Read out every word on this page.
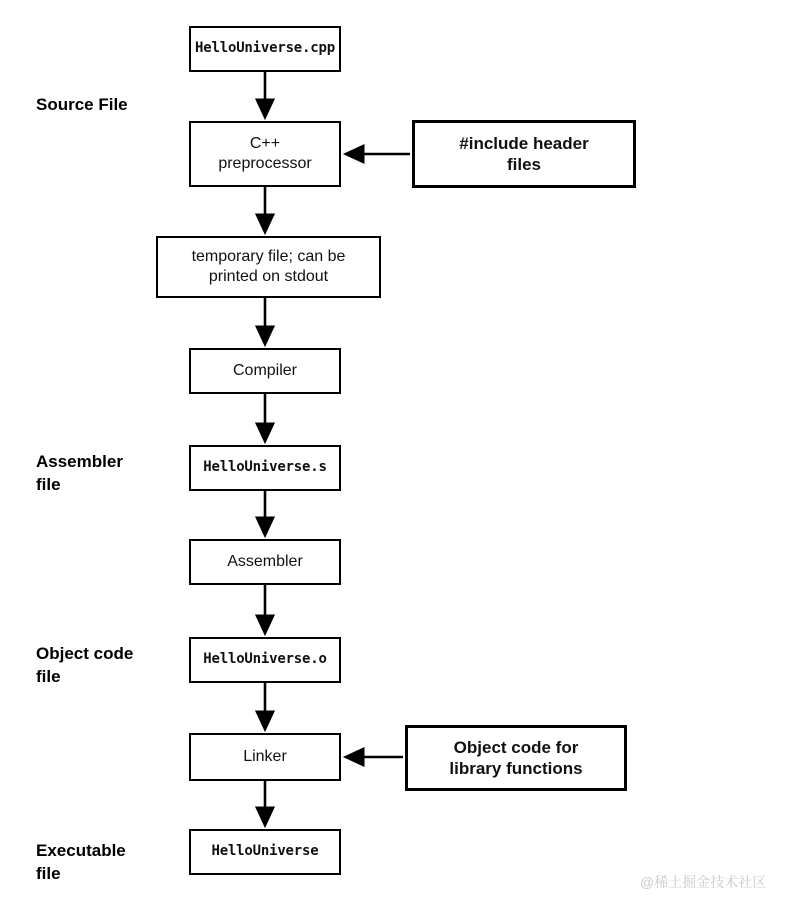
HelloUniverse.cpp
C++
preprocessor
#include header
files
temporary file; can be
printed on stdout
Compiler
HelloUniverse.s
Assembler
HelloUniverse.o
Linker	Object code for
library functions
HelloUniverse
Source File
Assembler
file
Object code
file
Executable
file	@稀土掘金技术社区
